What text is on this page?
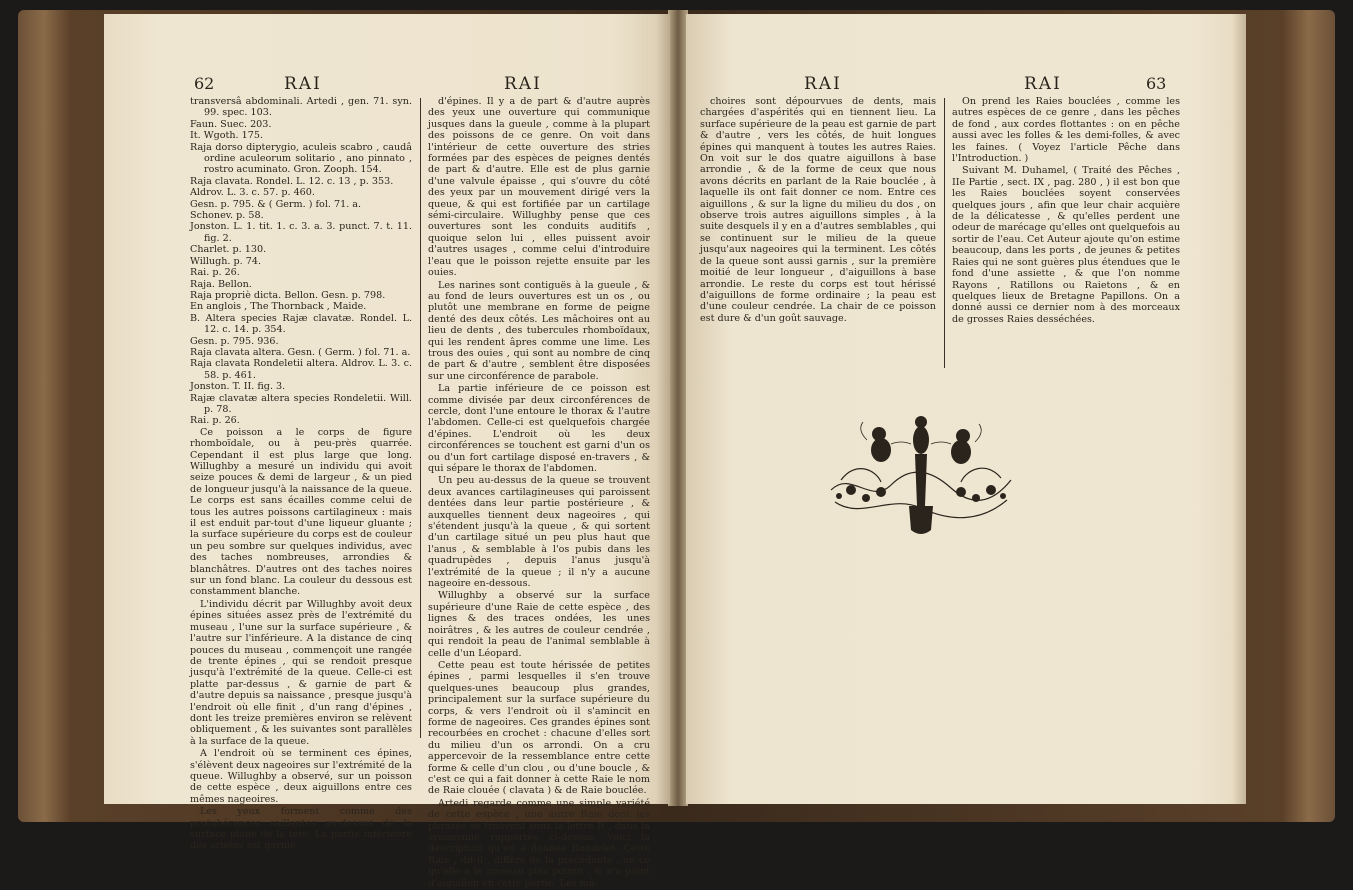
62	RAI	RAI

transversâ abdominali. Artedi , gen. 71. syn. 99. spec. 103.

Faun. Suec. 203.

It. Wgoth. 175.

Raja dorso dipterygio, aculeis scabro , caudâ ordine aculeorum solitario , ano pinnato , rostro acuminato. Gron. Zooph. 154.

Raja clavata. Rondel. L. 12. c. 13 , p. 353.

Aldrov. L. 3. c. 57. p. 460.

Gesn. p. 795. & ( Germ. ) fol. 71. a.

Schonev. p. 58.

Jonston. L. 1. tit. 1. c. 3. a. 3. punct. 7. t. 11. fig. 2.

Charlet. p. 130.

Willugh. p. 74.

Rai. p. 26.

Raja. Bellon.

Raja propriè dicta. Bellon. Gesn. p. 798.

En anglois , The Thornback , Maide.

B. Altera species Rajæ clavatæ. Rondel. L. 12. c. 14. p. 354.

Gesn. p. 795. 936.

Raja clavata altera. Gesn. ( Germ. ) fol. 71. a.

Raja clavata Rondeletii altera. Aldrov. L. 3. c. 58. p. 461.

Jonston. T. II. fig. 3.

Rajæ clavatæ altera species Rondeletii. Will. p. 78.

Rai. p. 26.

Ce poisson a le corps de figure rhomboïdale, ou à peu-près quarrée. Cependant il est plus large que long. Willughby a mesuré un individu qui avoit seize pouces & demi de largeur , & un pied de longueur jusqu'à la naissance de la queue. Le corps est sans écailles comme celui de tous les autres poissons cartilagineux : mais il est enduit par-tout d'une liqueur gluante ; la surface supérieure du corps est de couleur un peu sombre sur quelques individus, avec des taches nombreuses, arrondies & blanchâtres. D'autres ont des taches noires sur un fond blanc. La couleur du dessous est constamment blanche.

L'individu décrit par Willughby avoit deux épines situées assez près de l'extrémité du museau , l'une sur la surface supérieure , & l'autre sur l'inférieure. A la distance de cinq pouces du museau , commençoit une rangée de trente épines , qui se rendoit presque jusqu'à l'extrémité de la queue. Celle-ci est platte par-dessus , & garnie de part & d'autre depuis sa naissance , presque jusqu'à l'endroit où elle finit , d'un rang d'épines , dont les treize premières environ se relèvent obliquement , & les suivantes sont parallèles à la surface de la queue.

A l'endroit où se terminent ces épines, s'élèvent deux nageoires sur l'extrémité de la queue. Willughby a observé, sur un poisson de cette espèce , deux aiguillons entre ces mêmes nageoires.

Les yeux forment comme des protubérances saillantes au-dessus de la surface plane de la tête. La partie inférieure des orbites est garnie

d'épines. Il y a de part & d'autre auprès des yeux une ouverture qui communique jusques dans la gueule , comme à la plupart des poissons de ce genre. On voit dans l'intérieur de cette ouverture des stries formées par des espèces de peignes dentés de part & d'autre. Elle est de plus garnie d'une valvule épaisse , qui s'ouvre du côté des yeux par un mouvement dirigé vers la queue, & qui est fortifiée par un cartilage sémi-circulaire. Willughby pense que ces ouvertures sont les conduits auditifs , quoique selon lui , elles puissent avoir d'autres usages , comme celui d'introduire l'eau que le poisson rejette ensuite par les ouies.

Les narines sont contiguës à la gueule , & au fond de leurs ouvertures est un os , ou plutôt une membrane en forme de peigne denté des deux côtés. Les mâchoires ont au lieu de dents , des tubercules rhomboïdaux, qui les rendent âpres comme une lime. Les trous des ouies , qui sont au nombre de cinq de part & d'autre , semblent être disposées sur une circonférence de parabole.

La partie inférieure de ce poisson est comme divisée par deux circonférences de cercle, dont l'une entoure le thorax & l'autre l'abdomen. Celle-ci est quelquefois chargée d'épines. L'endroit où les deux circonférences se touchent est garni d'un os ou d'un fort cartilage disposé en-travers , & qui sépare le thorax de l'abdomen.

Un peu au-dessus de la queue se trouvent deux avances cartilagineuses qui paroissent dentées dans leur partie postérieure , & auxquelles tiennent deux nageoires , qui s'étendent jusqu'à la queue , & qui sortent d'un cartilage situé un peu plus haut que l'anus , & semblable à l'os pubis dans les quadrupèdes , depuis l'anus jusqu'à l'extrémité de la queue ; il n'y a aucune nageoire en-dessous.

Willughby a observé sur la surface supérieure d'une Raie de cette espèce , des lignes & des traces ondées, les unes noirâtres , & les autres de couleur cendrée , qui rendoit la peau de l'animal semblable à celle d'un Léopard.

Cette peau est toute hérissée de petites épines , parmi lesquelles il s'en trouve quelques-unes beaucoup plus grandes, principalement sur la surface supérieure du corps, & vers l'endroit où il s'amincit en forme de nageoires. Ces grandes épines sont recourbées en crochet : chacune d'elles sort du milieu d'un os arrondi. On a cru appercevoir de la ressemblance entre cette forme & celle d'un clou , ou d'une boucle , & c'est ce qui a fait donner à cette Raie le nom de Raie clouée ( clavata ) & de Raie bouclée.

Artedi regarde comme une simple variété de cette espèce , une autre Raie dont les phrases se trouvent sous la lettre B , dans la synonymie rapportée ci-dessus. Voici la description qu'en a donnée Rondelet. Cette Raie , dit-il , diffère de la précédente , en ce qu'elle a le museau plus pointu , & n'a point d'aiguillon en cette partie. Les mâ-

RAI	RAI	63

choires sont dépourvues de dents, mais chargées d'aspérités qui en tiennent lieu. La surface supérieure de la peau est garnie de part & d'autre , vers les côtés, de huit longues épines qui manquent à toutes les autres Raies. On voit sur le dos quatre aiguillons à base arrondie , & de la forme de ceux que nous avons décrits en parlant de la Raie bouclée , à laquelle ils ont fait donner ce nom. Entre ces aiguillons , & sur la ligne du milieu du dos , on observe trois autres aiguillons simples , à la suite desquels il y en a d'autres semblables , qui se continuent sur le milieu de la queue jusqu'aux nageoires qui la terminent. Les côtés de la queue sont aussi garnis , sur la première moitié de leur longueur , d'aiguillons à base arrondie. Le reste du corps est tout hérissé d'aiguillons de forme ordinaire ; la peau est d'une couleur cendrée. La chair de ce poisson est dure & d'un goût sauvage.

On prend les Raies bouclées , comme les autres espèces de ce genre , dans les pêches de fond , aux cordes flottantes : on en pêche aussi avec les folles & les demi-folles, & avec les faines. ( Voyez l'article Pêche dans l'Introduction. )

Suivant M. Duhamel, ( Traité des Pêches , IIe Partie , sect. IX , pag. 280 , ) il est bon que les Raies bouclées soyent conservées quelques jours , afin que leur chair acquière de la délicatesse , & qu'elles perdent une odeur de marécage qu'elles ont quelquefois au sortir de l'eau. Cet Auteur ajoute qu'on estime beaucoup, dans les ports , de jeunes & petites Raies qui ne sont guères plus étendues que le fond d'une assiette , & que l'on nomme Rayons , Ratillons ou Raietons , & en quelques lieux de Bretagne Papillons. On a donné aussi ce dernier nom à des morceaux de grosses Raies desséchées.
